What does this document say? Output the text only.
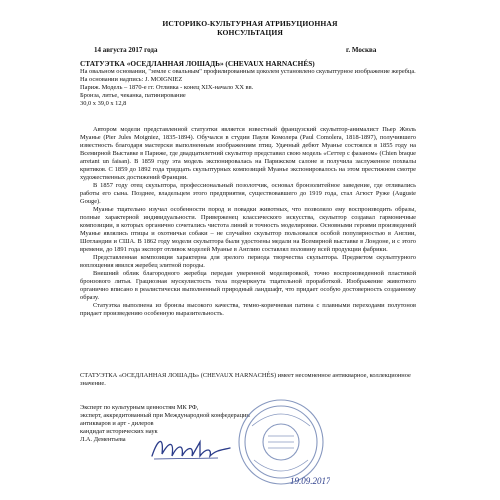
ИСТОРИКО-КУЛЬТУРНАЯ АТРИБУЦИОННАЯ
КОНСУЛЬТАЦИЯ
14 августа 2017 года	г. Москва

СТАТУЭТКА «ОСЕДЛАННАЯ ЛОШАДЬ» (CHEVAUX HARNACHÉS)

На овальном основании, "земле с овальным" профилированным цоколем установлено скульптурное изображение жеребца.

На основании надпись: J. MOIGNIEZ

Париж. Модель – 1870-е гг. Отливка - конец XIX-начало XX вв.

Бронза, литье, чеканка, патинирование

30,0 х 39,0 х 12,8

Автором модели представленной статуэтки является известный французский скульптор-анималист Пьер Жюль Муанье (Pier Jules Moigniez, 1835-1894). Обучался в студии Пауля Комолера (Paul Comolera, 1818-1897), получившего известность благодаря мастерски выполненным изображениям птиц. Удачный дебют Муанье состоялся в 1855 году на Всемирной Выставке в Париже, где двадцатилетний скульптор представил свою модель «Сеттер с фазаном» (Chien braque arretant un faisan). В 1859 году эта модель экспонировалась на Парижском салоне и получила заслуженное похвалы критиков. С 1859 до 1892 года тридцать скульптурных композиций Муанье экспонировалось на этом престижном смотре художественных достижений Франции.

В 1857 году отец скульптора, профессиональный позолотчик, основал бронзолитейное заведение, где отливались работы его сына. Позднее, владельцем этого предприятия, существовавшего до 1919 года, стал Агюст Ружe (Auguste Gouge).

Муанье тщательно изучал особенности пород и повадки животных, что позволяло ему воспроизводить образы, полные характерной индивидуальности. Приверженец классического искусства, скульптор создавал гармоничные композиции, в которых органично сочетались чистота линий и точность моделировки. Основными героями произведений Муанье являлись птицы и охотничьи собаки – не случайно скульптор пользовался особой популярностью в Англии, Шотландии и США. В 1862 году модели скульптора были удостоены медали на Всемирной выставке в Лондоне, и с этого времени, до 1891 года экспорт отливок моделей Муанье в Англию составлял половину всей продукции фабрики.

Представленная композиция характерна для зрелого периода творчества скульптора. Предметом скульптурного воплощения явился жеребец элитной породы.

Внешний облик благородного жеребца передан уверенной моделировкой, точно воспроизведенной пластикой бронзового литья. Грациозная мускулистость тела подчеркнута тщательной проработкой. Изображение животного органично вписано в реалистически выполненный природный ландшафт, что придает особую достоверность созданному образу.

Статуэтка выполнена из бронзы высокого качества, темно-коричневая патина с плавными переходами полутонов придает произведению особенную выразительность.

СТАТУЭТКА «ОСЕДЛАННАЯ ЛОШАДЬ» (CHEVAUX HARNACHÉS) имеет несомненное антикварное, коллекционное значение.

Эксперт по культурным ценностям МК РФ,
эксперт, аккредитованный при Международной конфедерации
антикваров и арт - дилеров
кандидат исторических наук
Л.А. Дементьева
19.09.2017
